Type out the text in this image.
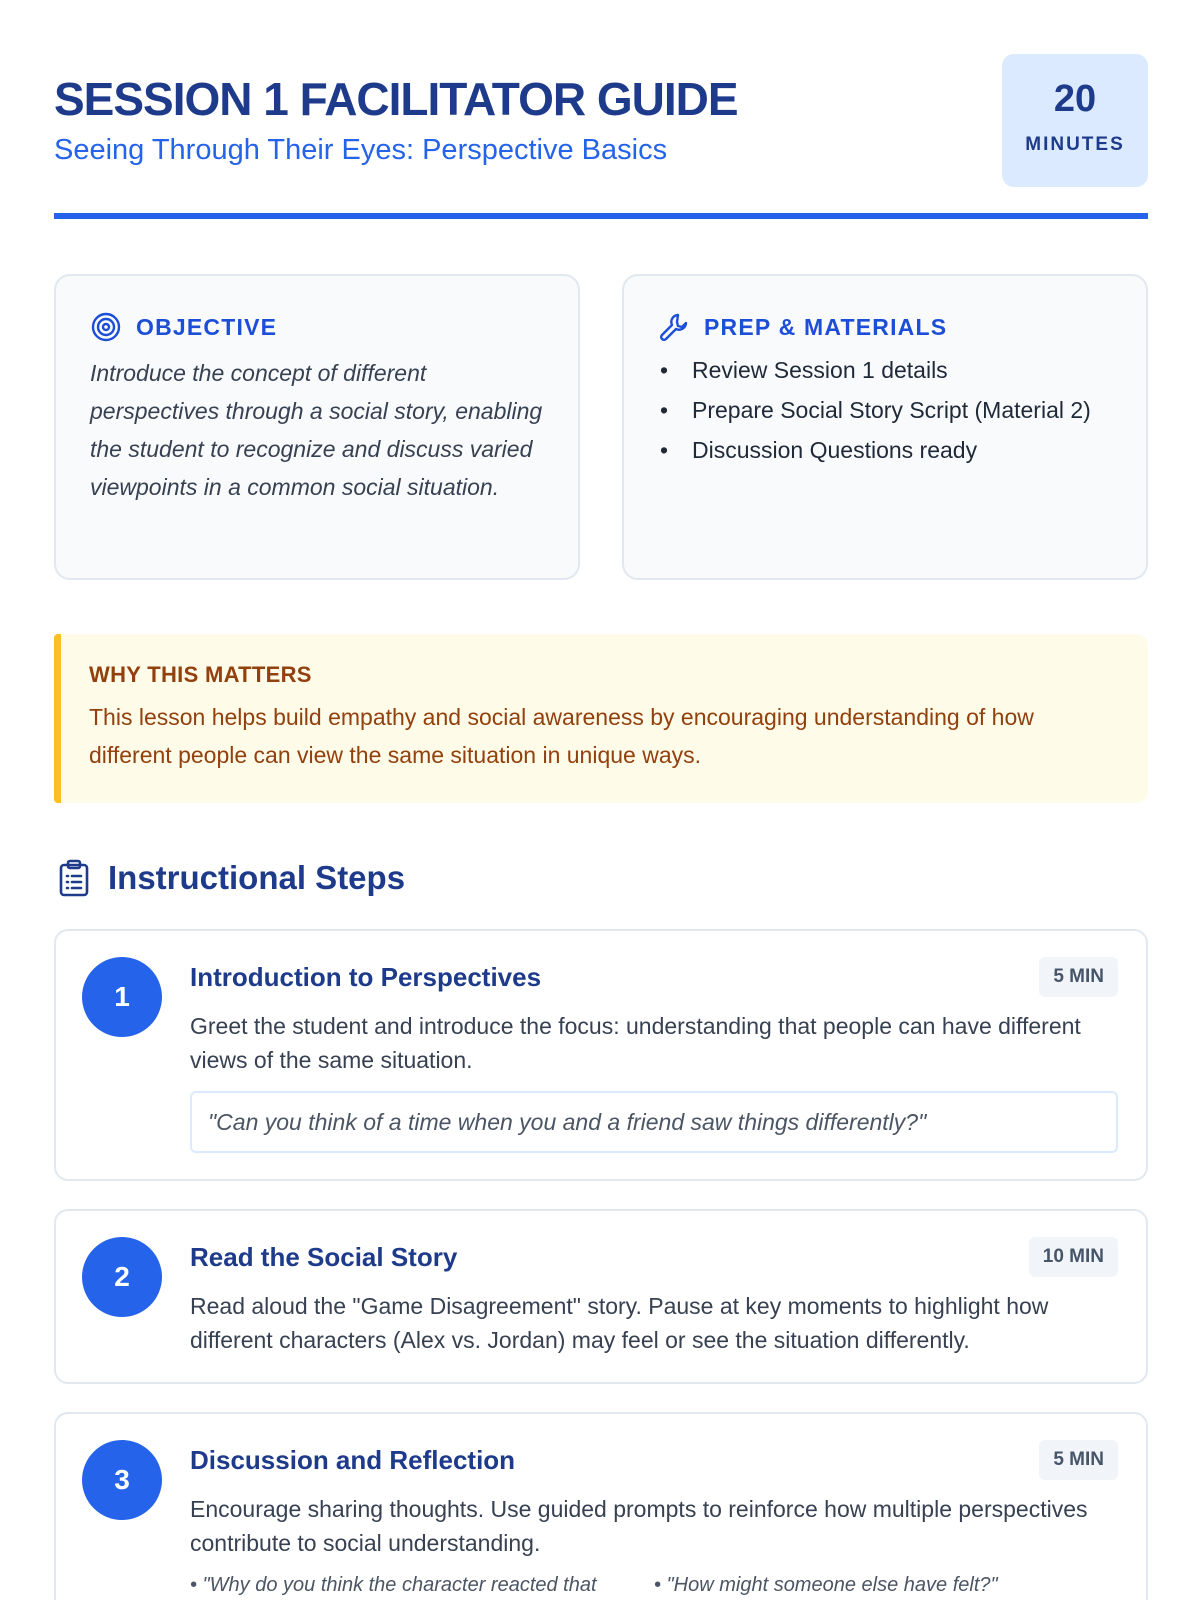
SESSION 1 FACILITATOR GUIDE
Seeing Through Their Eyes: Perspective Basics
20
MINUTES
OBJECTIVE

Introduce the concept of different perspectives through a social story, enabling the student to recognize and discuss varied viewpoints in a common social situation.

PREP & MATERIALS
• Review Session 1 details
• Prepare Social Story Script (Material 2)
• Discussion Questions ready
WHY THIS MATTERS

This lesson helps build empathy and social awareness by encouraging understanding of how different people can view the same situation in unique ways.

Instructional Steps
1
Introduction to Perspectives	5 MIN

Greet the student and introduce the focus: understanding that people can have different views of the same situation.

"Can you think of a time when you and a friend saw things differently?"
2
Read the Social Story	10 MIN

Read aloud the "Game Disagreement" story. Pause at key moments to highlight how different characters (Alex vs. Jordan) may feel or see the situation differently.

3
Discussion and Reflection	5 MIN

Encourage sharing thoughts. Use guided prompts to reinforce how multiple perspectives contribute to social understanding.

• "Why do you think the character reacted that	• "How might someone else have felt?"
